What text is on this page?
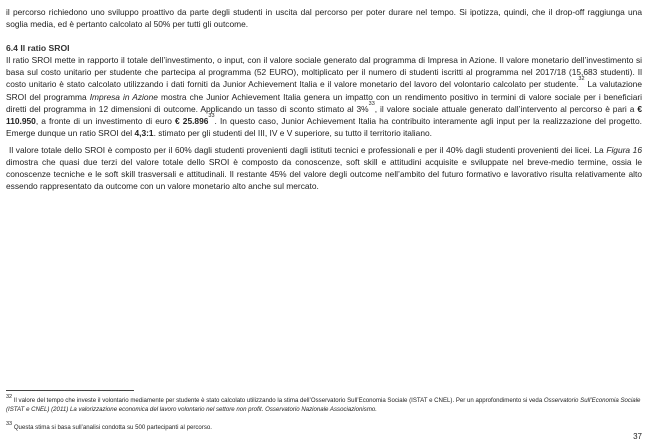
il percorso richiedono uno sviluppo proattivo da parte degli studenti in uscita dal percorso per poter durare nel tempo. Si ipotizza, quindi, che il drop-off raggiunga una soglia media, ed è pertanto calcolato al 50% per tutti gli outcome.

6.4 Il ratio SROI

Il ratio SROI mette in rapporto il totale dell’investimento, o input, con il valore sociale generato dal programma di Impresa in Azione. Il valore monetario dell’investimento si basa sul costo unitario per studente che partecipa al programma (52 EURO), moltiplicato per il numero di studenti iscritti al programma nel 2017/18 (15,683 studenti). Il costo unitario è stato calcolato utilizzando i dati forniti da Junior Achievement Italia e il valore monetario del lavoro del volontario calcolato per studente.$^{32}$ La valutazione SROI del programma Impresa in Azione mostra che Junior Achievement Italia genera un impatto con un rendimento positivo in termini di valore sociale per i beneficiari diretti del programma in 12 dimensioni di outcome. Applicando un tasso di sconto stimato al 3%$^{33}$, il valore sociale attuale generato dall’intervento al percorso è pari a € 110.950, a fronte di un investimento di euro € 25.896$^{33}$. In questo caso, Junior Achievement Italia ha contribuito interamente agli input per la realizzazione del progetto. Emerge dunque un ratio SROI del 4,3:1. stimato per gli studenti del III, IV e V superiore, su tutto il territorio italiano.

Il valore totale dello SROI è composto per il 60% dagli studenti provenienti dagli istituti tecnici e professionali e per il 40% dagli studenti provenienti dei licei. La Figura 16 dimostra che quasi due terzi del valore totale dello SROI è composto da conoscenze, soft skill e attitudini acquisite e sviluppate nel breve-medio termine, ossia le conoscenze tecniche e le soft skill trasversali e attitudinali. Il restante 45% del valore degli outcome nell’ambito del futuro formativo e lavorativo risulta relativamente alto essendo rappresentato da outcome con un valore monetario alto anche sul mercato.

$^{32}$ Il valore del tempo che investe il volontario mediamente per studente è stato calcolato utilizzando la stima dell’Osservatorio Sull’Economia Sociale (ISTAT e CNEL). Per un approfondimento si veda Osservatorio Sull’Economia Sociale (ISTAT e CNEL) (2011) La valorizzazione economica del lavoro volontario nel settore non profit. Osservatorio Nazionale Associazionismo.

$^{33}$ Questa stima si basa sull’analisi condotta su 500 partecipanti al percorso.

37
